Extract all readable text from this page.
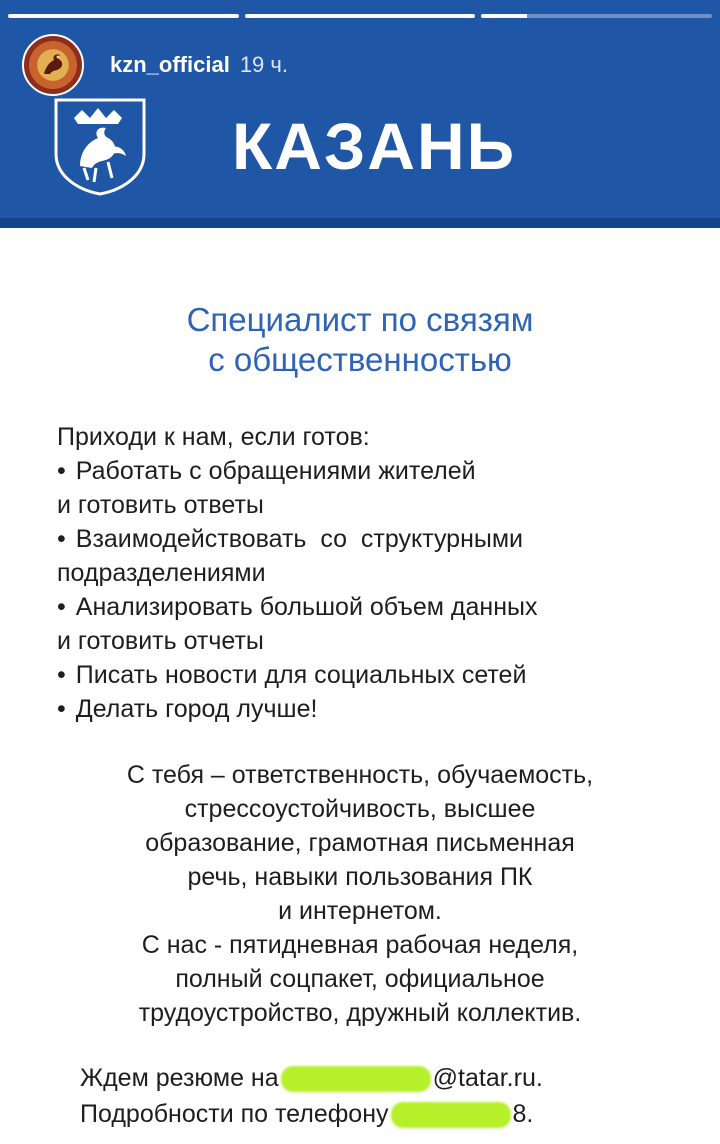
kzn_official 19 ч.
КАЗАНЬ
Специалист по связям
с общественностью
Приходи к нам, если готов:
• Работать с обращениями жителей
и готовить ответы
• Взаимодействовать  со  структурными
подразделениями
• Анализировать большой объем данных
и готовить отчеты
• Писать новости для социальных сетей
• Делать город лучше!
С тебя – ответственность, обучаемость,
стрессоустойчивость, высшее
образование, грамотная письменная
речь, навыки пользования ПК
и интернетом.
С нас - пятидневная рабочая неделя,
полный соцпакет, официальное
трудоустройство, дружный коллектив.
Ждем резюме на	@tatar.ru.
Подробности по телефону	8.
